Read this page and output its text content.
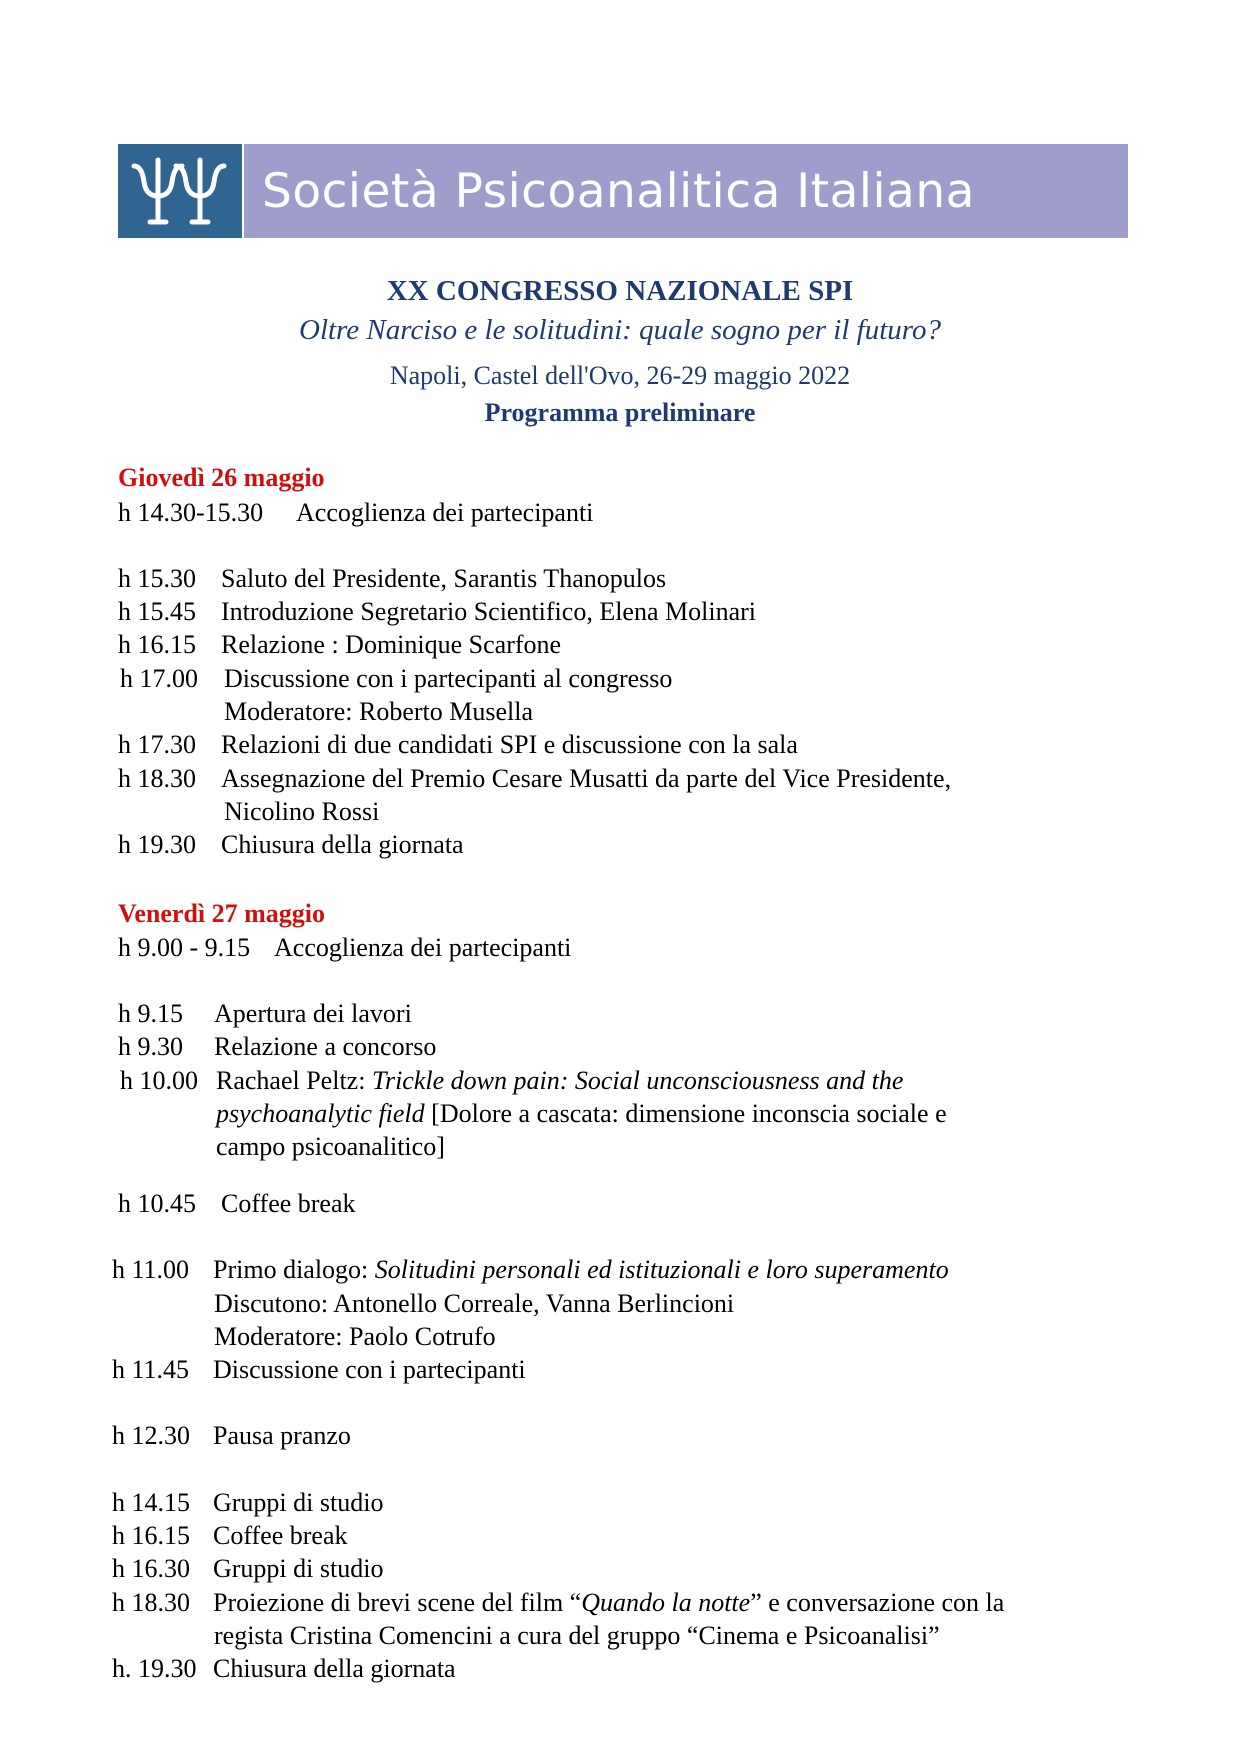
Società Psicoanalitica Italiana
XX CONGRESSO NAZIONALE SPI
Oltre Narciso e le solitudini: quale sogno per il futuro?
Napoli, Castel dell'Ovo, 26-29 maggio 2022
Programma preliminare
Giovedì 26 maggio
h 14.30-15.30 Accoglienza dei partecipanti
h 15.30 Saluto del Presidente, Sarantis Thanopulos
h 15.45 Introduzione Segretario Scientifico, Elena Molinari
h 16.15 Relazione : Dominique Scarfone
h 17.00 Discussione con i partecipanti al congresso
Moderatore: Roberto Musella
h 17.30 Relazioni di due candidati SPI e discussione con la sala
h 18.30 Assegnazione del Premio Cesare Musatti da parte del Vice Presidente,
Nicolino Rossi
h 19.30 Chiusura della giornata
Venerdì 27 maggio
h 9.00 - 9.15 Accoglienza dei partecipanti
h 9.15 Apertura dei lavori
h 9.30 Relazione a concorso
h 10.00 Rachael Peltz: Trickle down pain: Social unconsciousness and the
psychoanalytic field [Dolore a cascata: dimensione inconscia sociale e
campo psicoanalitico]
h 10.45 Coffee break
h 11.00 Primo dialogo: Solitudini personali ed istituzionali e loro superamento
Discutono: Antonello Correale, Vanna Berlincioni
Moderatore: Paolo Cotrufo
h 11.45 Discussione con i partecipanti
h 12.30 Pausa pranzo
h 14.15 Gruppi di studio
h 16.15 Coffee break
h 16.30 Gruppi di studio
h 18.30 Proiezione di brevi scene del film “Quando la notte” e conversazione con la
regista Cristina Comencini a cura del gruppo “Cinema e Psicoanalisi”
h. 19.30 Chiusura della giornata
